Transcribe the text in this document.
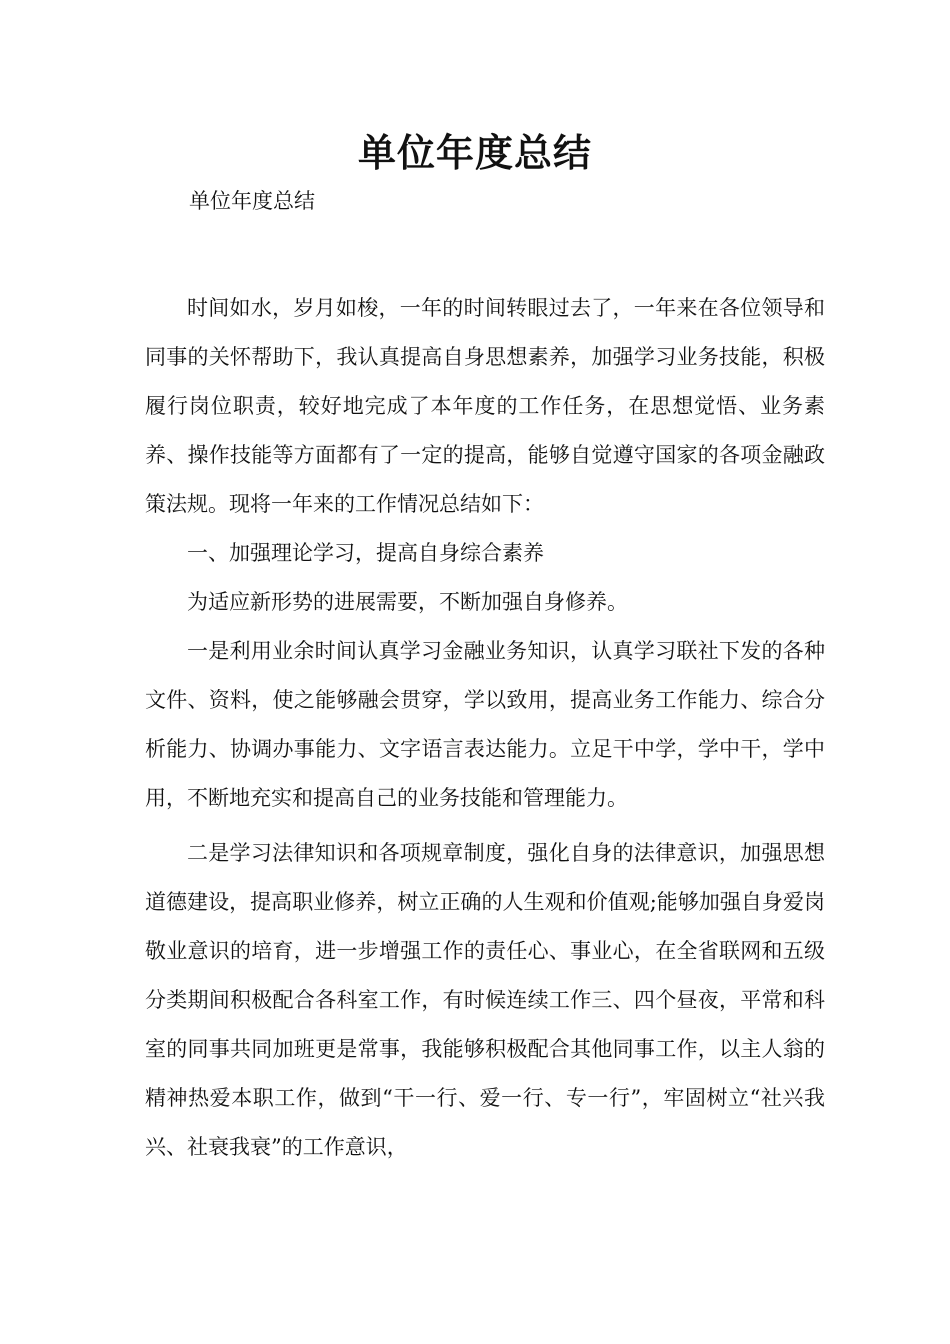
单位年度总结

单位年度总结

时间如水，岁月如梭，一年的时间转眼过去了，一年来在各位领导和同事的关怀帮助下，我认真提高自身思想素养，加强学习业务技能，积极履行岗位职责，较好地完成了本年度的工作任务，在思想觉悟、业务素养、操作技能等方面都有了一定的提高，能够自觉遵守国家的各项金融政策法规。现将一年来的工作情况总结如下：

一、加强理论学习，提高自身综合素养

为适应新形势的进展需要，不断加强自身修养。

一是利用业余时间认真学习金融业务知识，认真学习联社下发的各种文件、资料，使之能够融会贯穿，学以致用，提高业务工作能力、综合分析能力、协调办事能力、文字语言表达能力。立足干中学，学中干，学中用，不断地充实和提高自己的业务技能和管理能力。

二是学习法律知识和各项规章制度，强化自身的法律意识，加强思想道德建设，提高职业修养，树立正确的人生观和价值观;能够加强自身爱岗敬业意识的培育，进一步增强工作的责任心、事业心，在全省联网和五级分类期间积极配合各科室工作，有时候连续工作三、四个昼夜，平常和科室的同事共同加班更是常事，我能够积极配合其他同事工作，以主人翁的精神热爱本职工作，做到“干一行、爱一行、专一行”，牢固树立“社兴我兴、社衰我衰”的工作意识，
